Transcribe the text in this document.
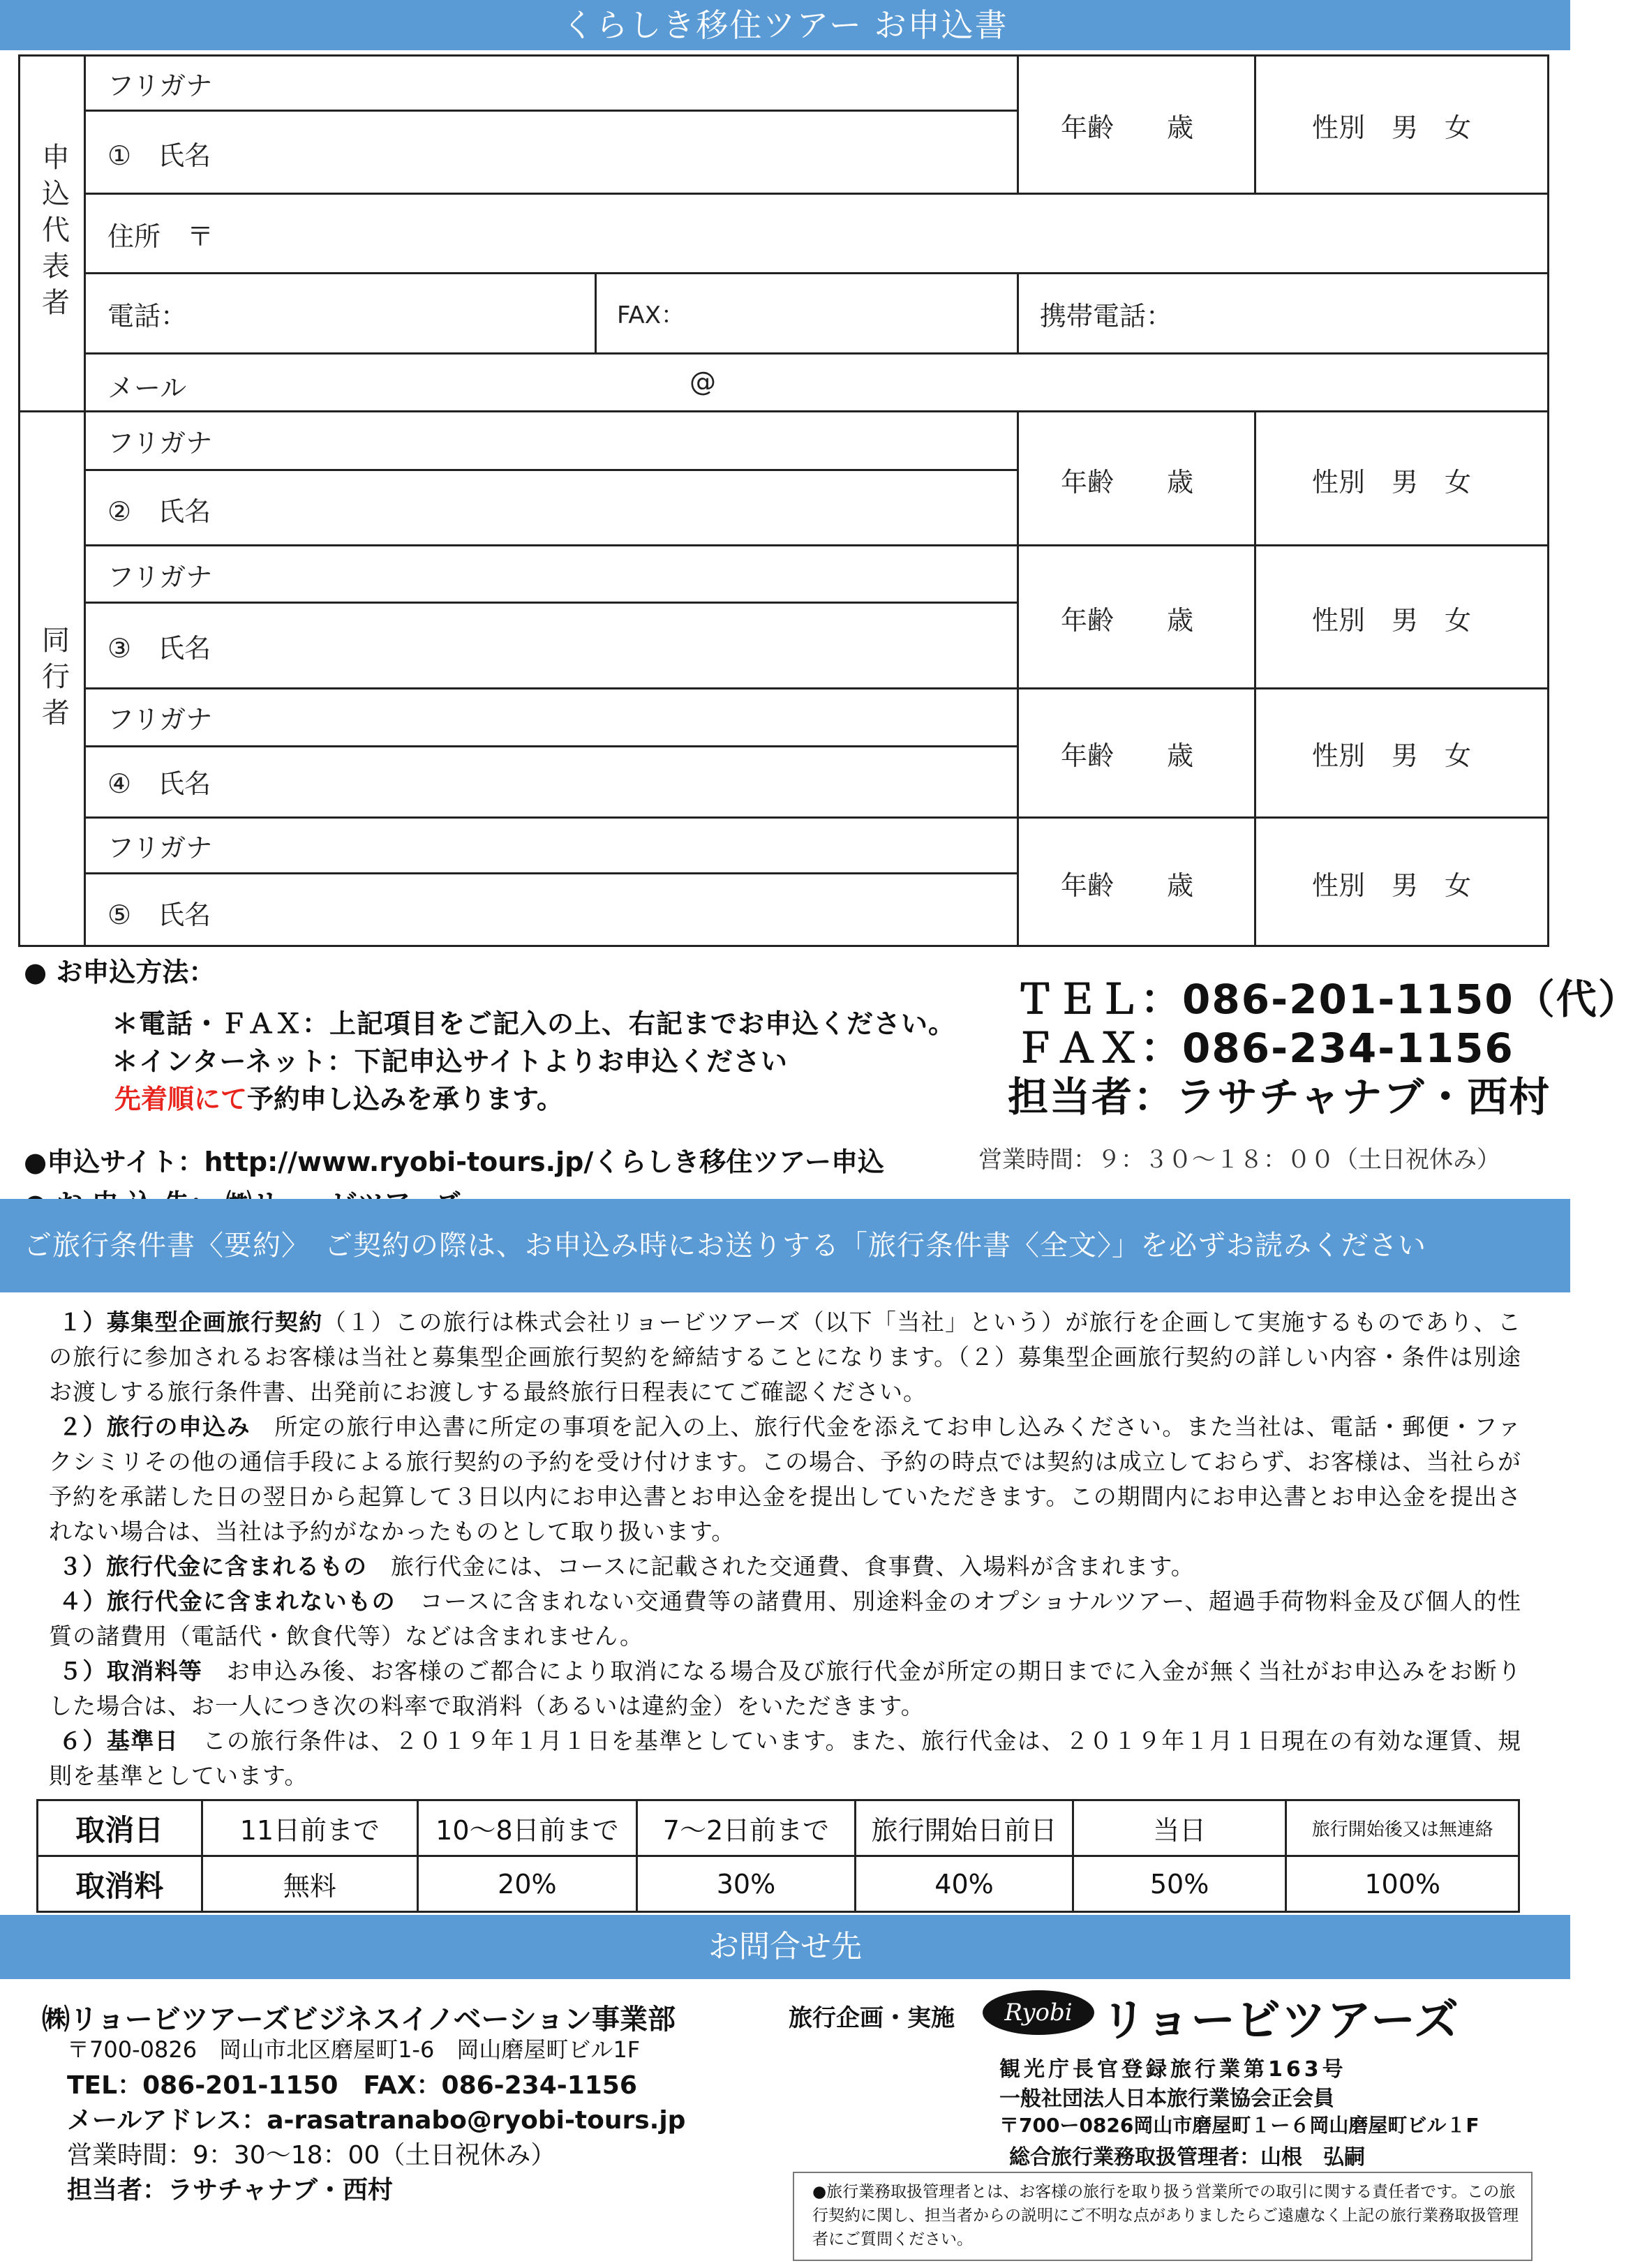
くらしき移住ツアー お申込書
申
込
代
表
者
同
行
者
フリガナ
①　氏名
年齢　　歳	性別　男　女
住所　〒
電話：	FAX：	携帯電話：
メール	@
フリガナ
②　氏名
年齢　　歳	性別　男　女
フリガナ
③　氏名
年齢　　歳	性別　男　女
フリガナ
④　氏名
年齢　　歳	性別　男　女
フリガナ
⑤　氏名
年齢　　歳	性別　男　女
● お申込方法：
＊電話・ＦＡＸ：上記項目をご記入の上、右記までお申込ください。
＊インターネット：下記申込サイトよりお申込ください
先着順にて予約申し込みを承ります。
ＴＥＬ：086-201-1150（代）
ＦＡＸ：086-234-1156
担当者：ラサチャナブ・西村
●申込サイト：http://www.ryobi-tours.jp/くらしき移住ツアー申込	営業時間：９：３０～１８：００（土日祝休み）
ご旅行条件書〈要約〉　ご契約の際は、お申込み時にお送りする「旅行条件書〈全文〉」を必ずお読みください

１）募集型企画旅行契約（１）この旅行は株式会社リョービツアーズ（以下「当社」という）が旅行を企画して実施するものであり、この旅行に参加されるお客様は当社と募集型企画旅行契約を締結することになります。（２）募集型企画旅行契約の詳しい内容・条件は別途お渡しする旅行条件書、出発前にお渡しする最終旅行日程表にてご確認ください。

２）旅行の申込み　所定の旅行申込書に所定の事項を記入の上、旅行代金を添えてお申し込みください。また当社は、電話・郵便・ファクシミリその他の通信手段による旅行契約の予約を受け付けます。この場合、予約の時点では契約は成立しておらず、お客様は、当社らが予約を承諾した日の翌日から起算して３日以内にお申込書とお申込金を提出していただきます。この期間内にお申込書とお申込金を提出されない場合は、当社は予約がなかったものとして取り扱います。

３）旅行代金に含まれるもの　旅行代金には、コースに記載された交通費、食事費、入場料が含まれます。

４）旅行代金に含まれないもの　コースに含まれない交通費等の諸費用、別途料金のオプショナルツアー、超過手荷物料金及び個人的性質の諸費用（電話代・飲食代等）などは含まれません。

５）取消料等　お申込み後、お客様のご都合により取消になる場合及び旅行代金が所定の期日までに入金が無く当社がお申込みをお断りした場合は、お一人につき次の料率で取消料（あるいは違約金）をいただきます。

６）基準日　この旅行条件は、２０１９年１月１日を基準としています。また、旅行代金は、２０１９年１月１日現在の有効な運賃、規則を基準としています。

取消日	11日前まで	10～8日前まで	7～2日前まで	旅行開始日前日	当日	旅行開始後又は無連絡
取消料	無料	20%	30%	40%	50%	100%
お問合せ先
㈱リョービツアーズビジネスイノベーション事業部
〒700-0826　岡山市北区磨屋町1-6　岡山磨屋町ビル1F
TEL：086-201-1150　FAX：086-234-1156
メールアドレス：a-rasatranabo@ryobi-tours.jp
営業時間：9：30～18：00（土日祝休み）
担当者：ラサチャナブ・西村
旅行企画・実施	Ryobi リョービツアーズ
観光庁長官登録旅行業第163号
一般社団法人日本旅行業協会正会員
〒700ー0826岡山市磨屋町１ー６岡山磨屋町ビル１F
総合旅行業務取扱管理者：山根　弘嗣
●旅行業務取扱管理者とは、お客様の旅行を取り扱う営業所での取引に関する責任者です。この旅行契約に関し、担当者からの説明にご不明な点がありましたらご遠慮なく上記の旅行業務取扱管理者にご質問ください。
